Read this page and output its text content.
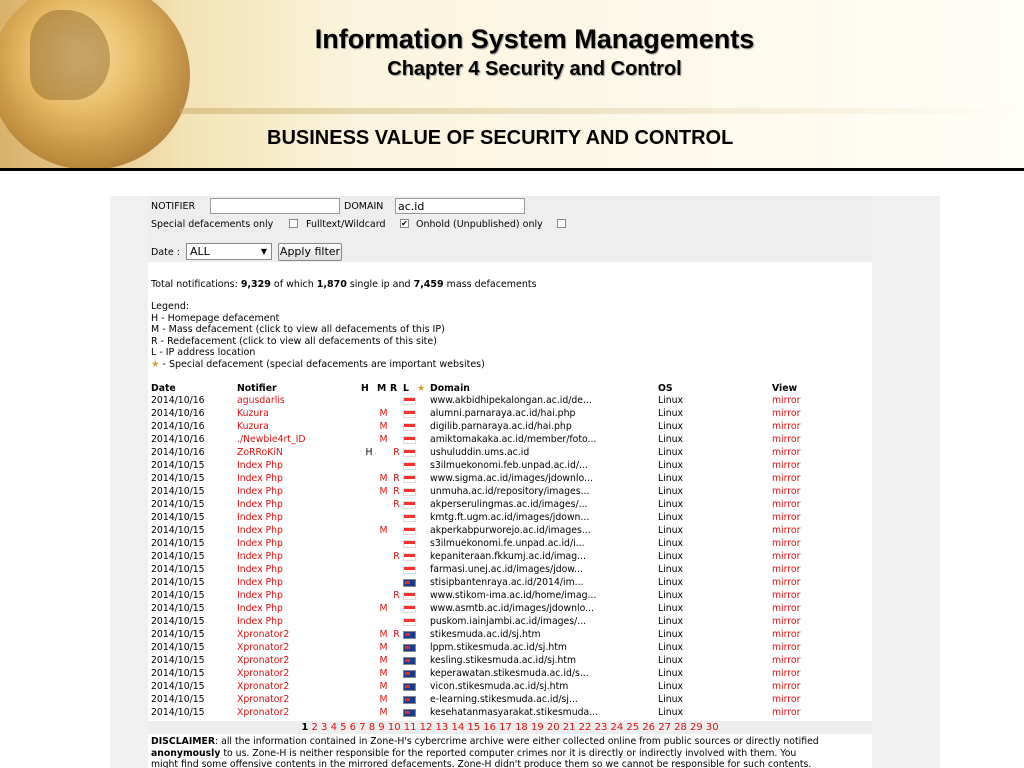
Information System Managements
Chapter 4 Security and Control
BUSINESS VALUE OF SECURITY AND CONTROL
NOTIFIER	DOMAIN ac.id
Special defacements only	Fulltext/Wildcard ✔ Onhold (Unpublished) only
Date : ALL	▼ Apply filter
Total notifications: 9,329 of which 1,870 single ip and 7,459 mass defacements
Legend:
H - Homepage defacement
M - Mass defacement (click to view all defacements of this IP)
R - Redefacement (click to view all defacements of this site)
L - IP address location
★ - Special defacement (special defacements are important websites)
Date	Notifier	H	M	R	L	★	Domain	OS	View
2014/10/16	agusdarlis						www.akbidhipekalongan.ac.id/de...	Linux	mirror
2014/10/16	Kuzura		M				alumni.parnaraya.ac.id/hai.php	Linux	mirror
2014/10/16	Kuzura		M				digilib.parnaraya.ac.id/hai.php	Linux	mirror
2014/10/16	./Newbie4rt_ID		M				amiktomakaka.ac.id/member/foto...	Linux	mirror
2014/10/16	ZoRRoKiN	H		R			ushuluddin.ums.ac.id	Linux	mirror
2014/10/15	Index Php						s3ilmuekonomi.feb.unpad.ac.id/...	Linux	mirror
2014/10/15	Index Php		M	R			www.sigma.ac.id/images/jdownlo...	Linux	mirror
2014/10/15	Index Php		M	R			unmuha.ac.id/repository/images...	Linux	mirror
2014/10/15	Index Php			R			akperserulingmas.ac.id/images/...	Linux	mirror
2014/10/15	Index Php						kmtg.ft.ugm.ac.id/images/jdown...	Linux	mirror
2014/10/15	Index Php		M				akperkabpurworejo.ac.id/images...	Linux	mirror
2014/10/15	Index Php						s3ilmuekonomi.fe.unpad.ac.id/i...	Linux	mirror
2014/10/15	Index Php			R			kepaniteraan.fkkumj.ac.id/imag...	Linux	mirror
2014/10/15	Index Php						farmasi.unej.ac.id/images/jdow...	Linux	mirror
2014/10/15	Index Php						stisipbantenraya.ac.id/2014/im...	Linux	mirror
2014/10/15	Index Php			R			www.stikom-ima.ac.id/home/imag...	Linux	mirror
2014/10/15	Index Php		M				www.asmtb.ac.id/images/jdownlo...	Linux	mirror
2014/10/15	Index Php						puskom.iainjambi.ac.id/images/...	Linux	mirror
2014/10/15	Xpronator2		M	R			stikesmuda.ac.id/sj.htm	Linux	mirror
2014/10/15	Xpronator2		M				lppm.stikesmuda.ac.id/sj.htm	Linux	mirror
2014/10/15	Xpronator2		M				kesling.stikesmuda.ac.id/sj.htm	Linux	mirror
2014/10/15	Xpronator2		M				keperawatan.stikesmuda.ac.id/s...	Linux	mirror
2014/10/15	Xpronator2		M				vicon.stikesmuda.ac.id/sj.htm	Linux	mirror
2014/10/15	Xpronator2		M				e-learning.stikesmuda.ac.id/sj...	Linux	mirror
2014/10/15	Xpronator2		M				kesehatanmasyarakat.stikesmuda...	Linux	mirror
1 2 3 4 5 6 7 8 9 10 11 12 13 14 15 16 17 18 19 20 21 22 23 24 25 26 27 28 29 30
DISCLAIMER: all the information contained in Zone-H's cybercrime archive were either collected online from public sources or directly notified
anonymously to us. Zone-H is neither responsible for the reported computer crimes nor it is directly or indirectly involved with them. You
might find some offensive contents in the mirrored defacements. Zone-H didn't produce them so we cannot be responsible for such contents.
